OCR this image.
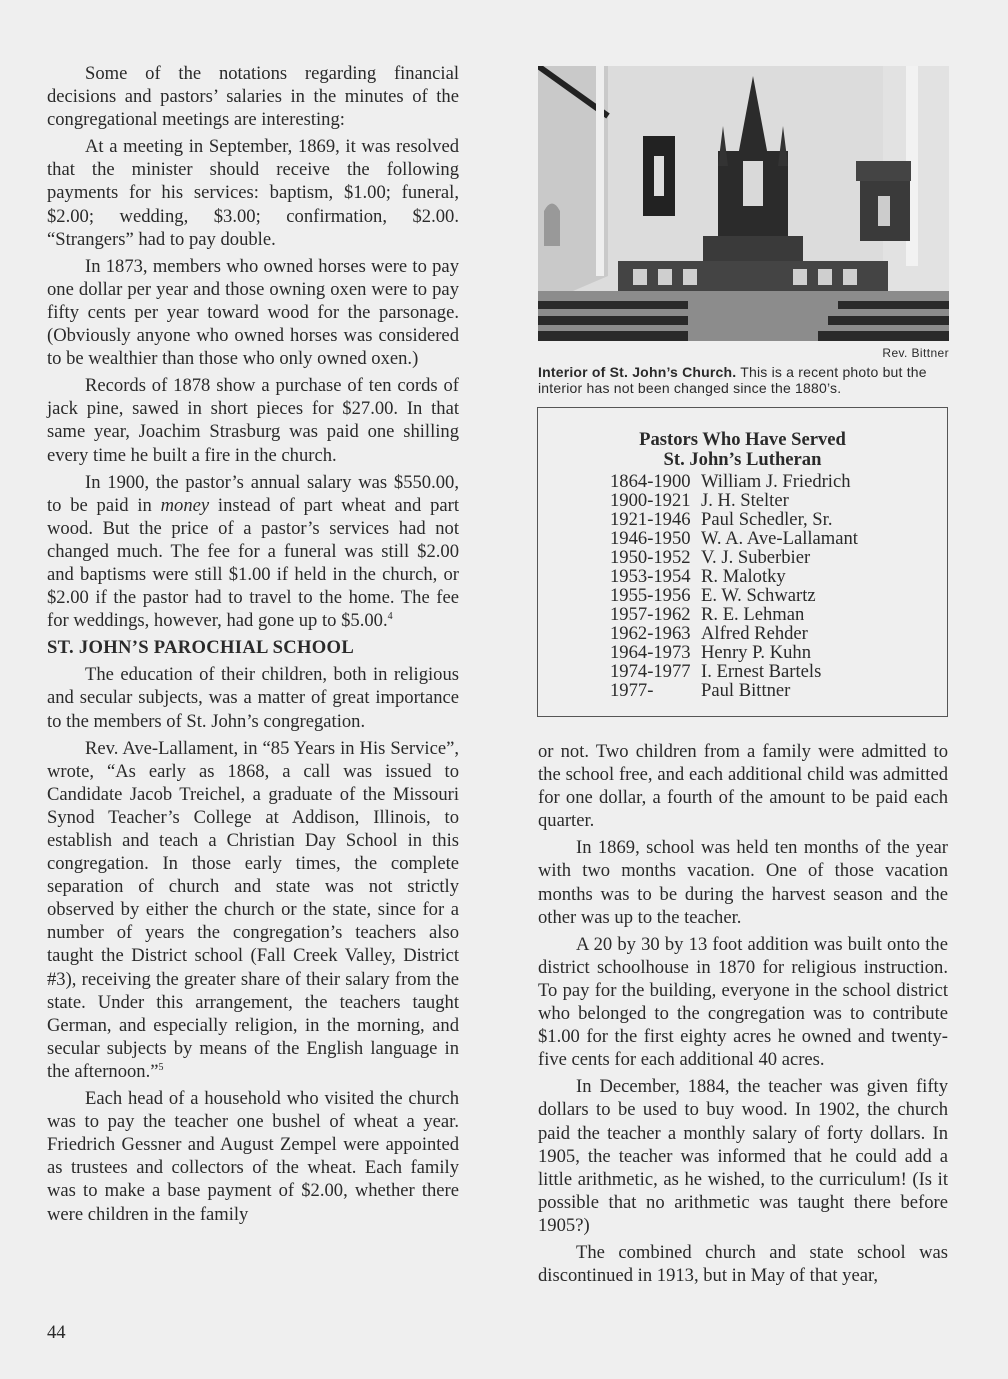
Some of the notations regarding financial decisions and pastors’ salaries in the minutes of the congregational meetings are interesting:

At a meeting in September, 1869, it was resolved that the minister should receive the following payments for his services: baptism, $1.00; funeral, $2.00; wedding, $3.00; confirmation, $2.00. “Strangers” had to pay double.

In 1873, members who owned horses were to pay one dollar per year and those owning oxen were to pay fifty cents per year toward wood for the parsonage. (Obviously anyone who owned horses was considered to be wealthier than those who only owned oxen.)

Records of 1878 show a purchase of ten cords of jack pine, sawed in short pieces for $27.00. In that same year, Joachim Strasburg was paid one shilling every time he built a fire in the church.

In 1900, the pastor’s annual salary was $550.00, to be paid in money instead of part wheat and part wood. But the price of a pastor’s services had not changed much. The fee for a funeral was still $2.00 and baptisms were still $1.00 if held in the church, or $2.00 if the pastor had to travel to the home. The fee for weddings, however, had gone up to $5.00.$^4$

ST. JOHN’S PAROCHIAL SCHOOL

The education of their children, both in religious and secular subjects, was a matter of great importance to the members of St. John’s congregation.

Rev. Ave-Lallament, in “85 Years in His Service”, wrote, “As early as 1868, a call was issued to Candidate Jacob Treichel, a graduate of the Missouri Synod Teacher’s College at Addison, Illinois, to establish and teach a Christian Day School in this congregation. In those early times, the complete separation of church and state was not strictly observed by either the church or the state, since for a number of years the congregation’s teachers also taught the District school (Fall Creek Valley, District #3), receiving the greater share of their salary from the state. Under this arrangement, the teachers taught German, and especially religion, in the morning, and secular subjects by means of the English language in the afternoon.”$^5$

Each head of a household who visited the church was to pay the teacher one bushel of wheat a year. Friedrich Gessner and August Zempel were appointed as trustees and collectors of the wheat. Each family was to make a base payment of $2.00, whether there were children in the family

Rev. Bittner
Interior of St. John’s Church. This is a recent photo but the interior has not been changed since the 1880’s.
Pastors Who Have Served
St. John’s Lutheran
1864-1900 William J. Friedrich
1900-1921 J. H. Stelter
1921-1946 Paul Schedler, Sr.
1946-1950 W. A. Ave-Lallamant
1950-1952 V. J. Suberbier
1953-1954 R. Malotky
1955-1956 E. W. Schwartz
1957-1962 R. E. Lehman
1962-1963 Alfred Rehder
1964-1973 Henry P. Kuhn
1974-1977 I. Ernest Bartels
1977-	Paul Bittner

or not. Two children from a family were admitted to the school free, and each additional child was admitted for one dollar, a fourth of the amount to be paid each quarter.

In 1869, school was held ten months of the year with two months vacation. One of those vacation months was to be during the harvest season and the other was up to the teacher.

A 20 by 30 by 13 foot addition was built onto the district schoolhouse in 1870 for religious instruction. To pay for the building, everyone in the school district who belonged to the congregation was to contribute $1.00 for the first eighty acres he owned and twenty-five cents for each additional 40 acres.

In December, 1884, the teacher was given fifty dollars to be used to buy wood. In 1902, the church paid the teacher a monthly salary of forty dollars. In 1905, the teacher was informed that he could add a little arithmetic, as he wished, to the curriculum! (Is it possible that no arithmetic was taught there before 1905?)

The combined church and state school was discontinued in 1913, but in May of that year,

44
